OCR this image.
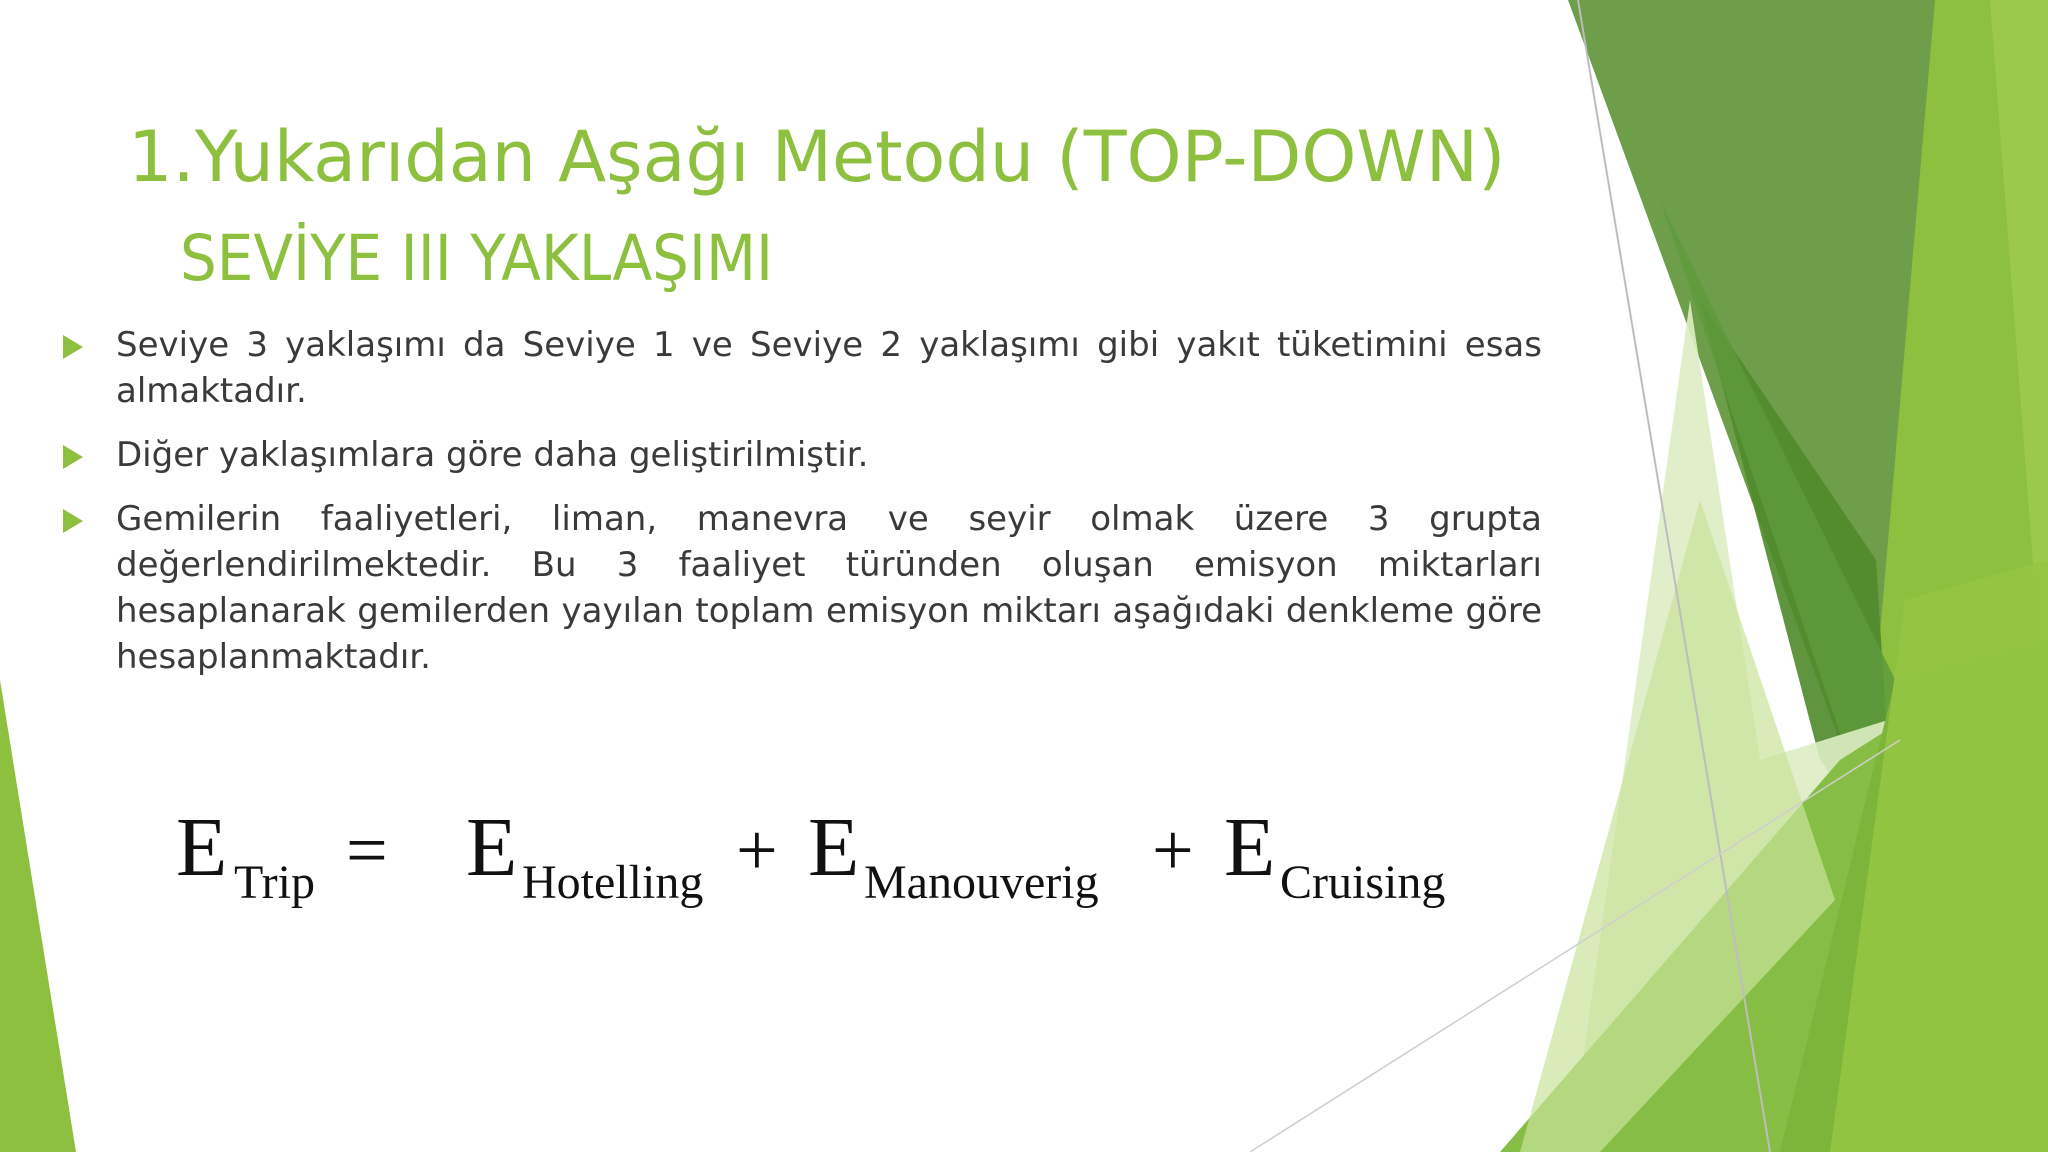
1.Yukarıdan Aşağı Metodu (TOP-DOWN)
SEVİYE III YAKLAŞIMI
Seviye 3 yaklaşımı da Seviye 1 ve Seviye 2 yaklaşımı gibi yakıt tüketimini esas almaktadır.
Diğer yaklaşımlara göre daha geliştirilmiştir.
Gemilerin faaliyetleri, liman, manevra ve seyir olmak üzere 3 grupta değerlendirilmektedir. Bu 3 faaliyet türünden oluşan emisyon miktarları hesaplanarak gemilerden yayılan toplam emisyon miktarı aşağıdaki denkleme göre hesaplanmaktadır.
E Trip = E Hotelling + E Manouverig + E Cruising
